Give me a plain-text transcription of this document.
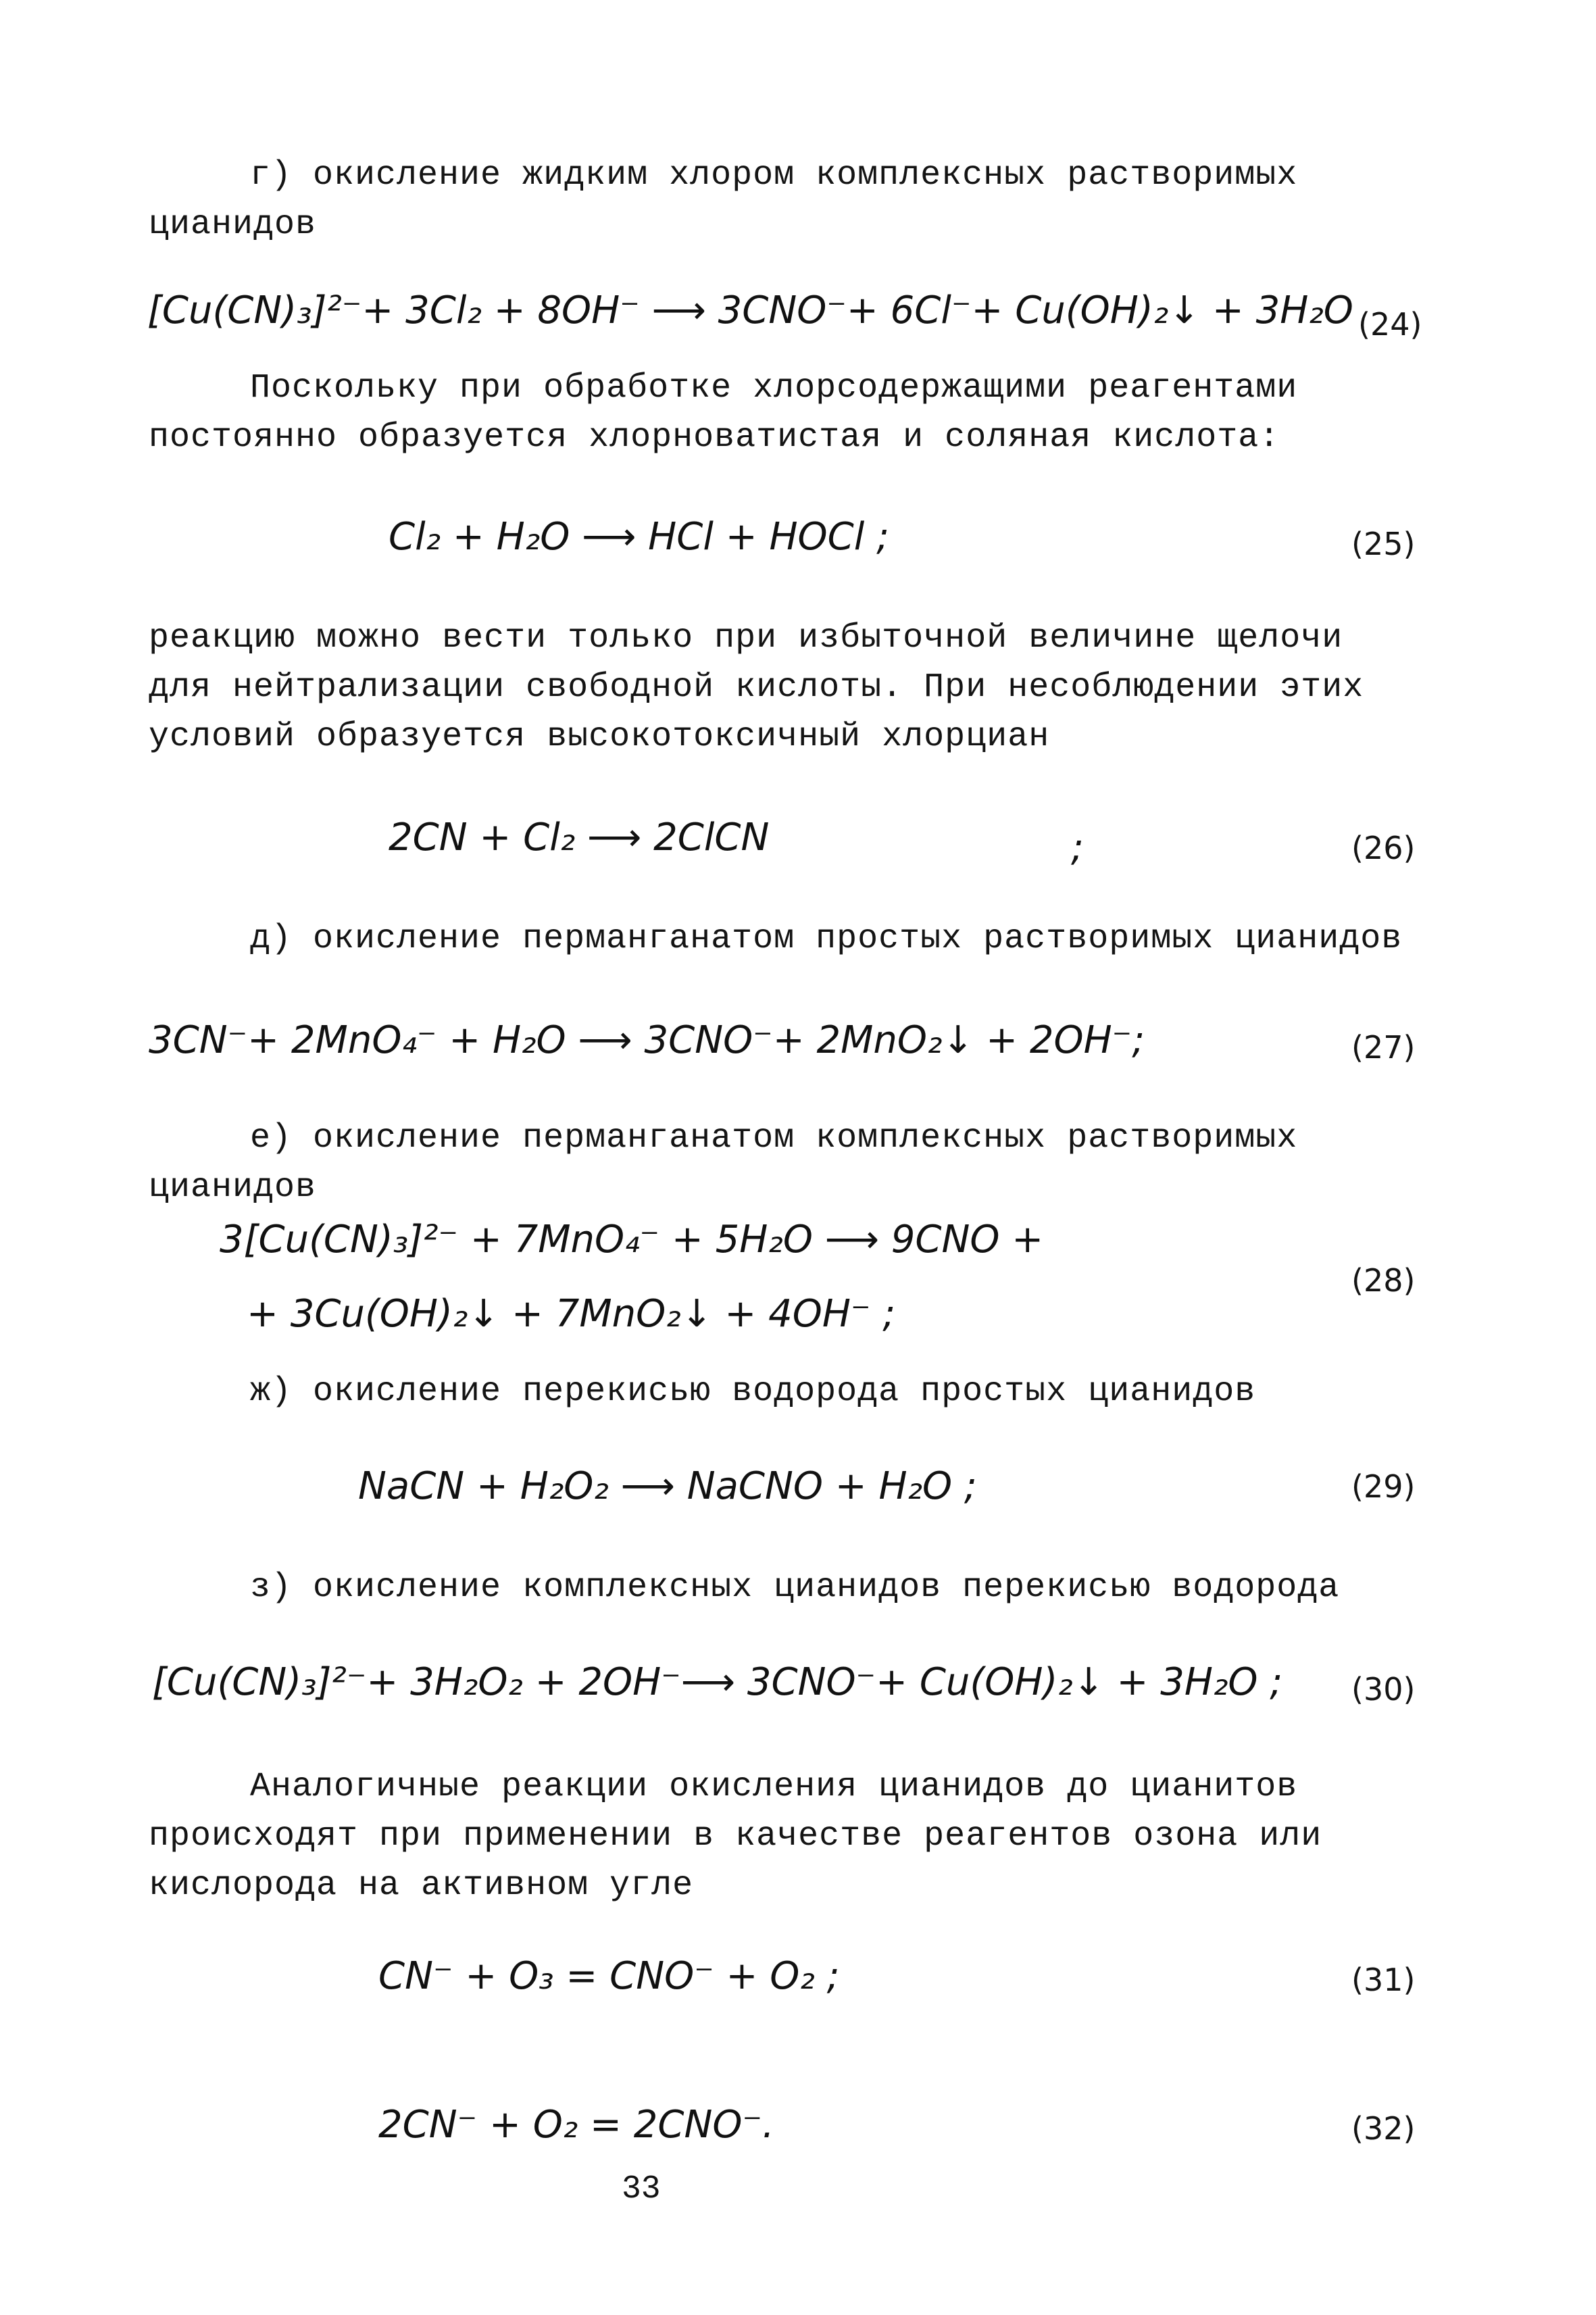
г) окисление жидким хлором комплексных растворимых
цианидов
[Cu(CN)₃]²⁻+ 3Cl₂ + 8OH⁻ ⟶ 3CNO⁻+ 6Cl⁻+ Cu(OH)₂↓ + 3H₂O (24)
Поскольку при обработке хлорсодержащими реагентами
постоянно образуется хлорноватистая и соляная кислота:
Cl₂ + H₂O ⟶ HCl + HOCl ;	(25)
реакцию можно вести только при избыточной величине щелочи
для нейтрализации свободной кислоты. При несоблюдении этих
условий образуется высокотоксичный хлорциан
2CN + Cl₂ ⟶ 2ClCN	;	(26)
д) окисление перманганатом простых растворимых цианидов
3CN⁻+ 2MnO₄⁻ + H₂O ⟶ 3CNO⁻+ 2MnO₂↓ + 2OH⁻;	(27)
е) окисление перманганатом комплексных растворимых
цианидов
3[Cu(CN)₃]²⁻ + 7MnO₄⁻ + 5H₂O ⟶ 9CNO +
+ 3Cu(OH)₂↓ + 7MnO₂↓ + 4OH⁻ ;
(28)
ж) окисление перекисью водорода простых цианидов
NaCN + H₂O₂ ⟶ NaCNO + H₂O ;	(29)
з) окисление комплексных цианидов перекисью водорода
[Cu(CN)₃]²⁻+ 3H₂O₂ + 2OH⁻⟶ 3CNO⁻+ Cu(OH)₂↓ + 3H₂O ; (30)
Аналогичные реакции окисления цианидов до цианитов
происходят при применении в качестве реагентов озона или
кислорода на активном угле
CN⁻ + O₃ = CNO⁻ + O₂ ;	(31)
2CN⁻ + O₂ = 2CNO⁻.	(32)
33
